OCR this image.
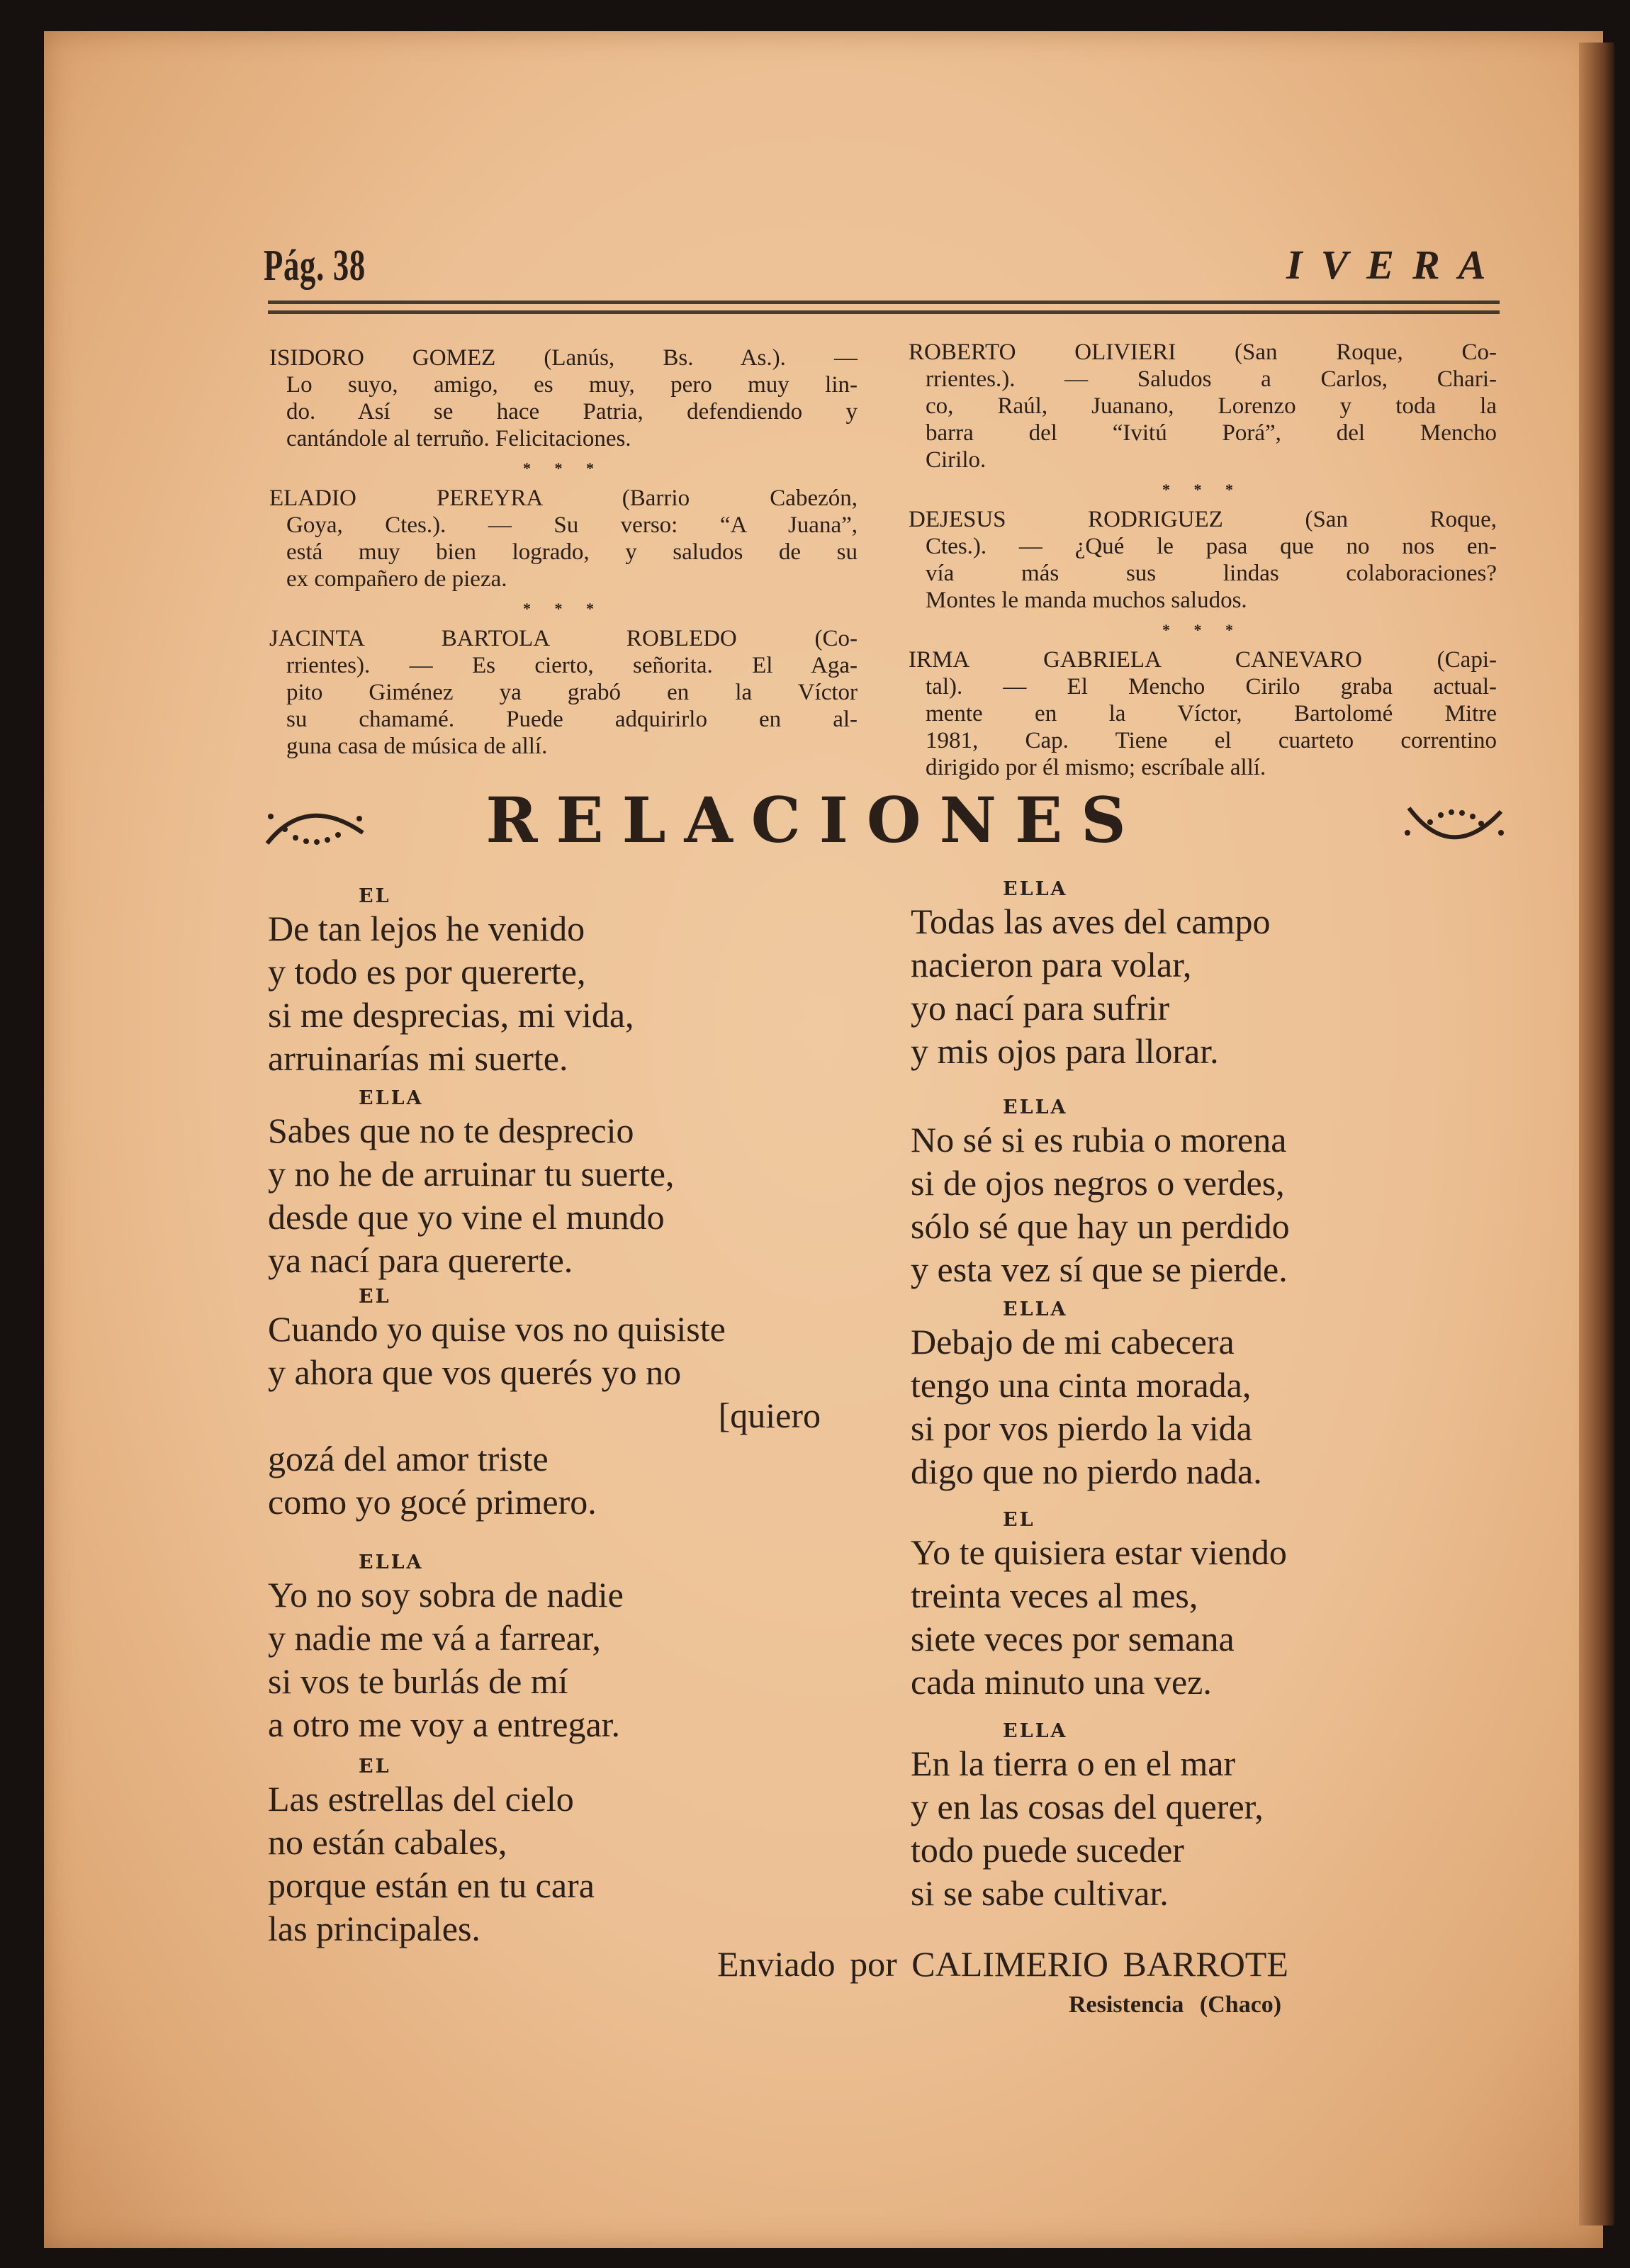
Pág. 38	IVERA
ISIDORO GOMEZ (Lanús, Bs. As.). —
Lo suyo, amigo, es muy, pero muy lin-
do. Así se hace Patria, defendiendo y
cantándole al terruño. Felicitaciones.
* * *
ELADIO PEREYRA (Barrio Cabezón,
Goya, Ctes.). — Su verso: “A Juana”,
está muy bien logrado, y saludos de su
ex compañero de pieza.
* * *
JACINTA BARTOLA ROBLEDO (Co-
rrientes). — Es cierto, señorita. El Aga-
pito Giménez ya grabó en la Víctor
su chamamé. Puede adquirirlo en al-
guna casa de música de allí.
ROBERTO OLIVIERI (San Roque, Co-
rrientes.). — Saludos a Carlos, Chari-
co, Raúl, Juanano, Lorenzo y toda la
barra del “Ivitú Porá”, del Mencho
Cirilo.
* * *
DEJESUS RODRIGUEZ (San Roque,
Ctes.). — ¿Qué le pasa que no nos en-
vía más sus lindas colaboraciones?
Montes le manda muchos saludos.
* * *
IRMA GABRIELA CANEVARO (Capi-
tal). — El Mencho Cirilo graba actual-
mente en la Víctor, Bartolomé Mitre
1981, Cap. Tiene el cuarteto correntino
dirigido por él mismo; escríbale allí.
RELACIONES
EL
De tan lejos he venido
y todo es por quererte,
si me desprecias, mi vida,
arruinarías mi suerte.
ELLA
Sabes que no te desprecio
y no he de arruinar tu suerte,
desde que yo vine el mundo
ya nací para quererte.
EL
Cuando yo quise vos no quisiste
y ahora que vos querés yo no
[quiero
gozá del amor triste
como yo gocé primero.
ELLA
Yo no soy sobra de nadie
y nadie me vá a farrear,
si vos te burlás de mí
a otro me voy a entregar.
EL
Las estrellas del cielo
no están cabales,
porque están en tu cara
las principales.
ELLA
Todas las aves del campo
nacieron para volar,
yo nací para sufrir
y mis ojos para llorar.
ELLA
No sé si es rubia o morena
si de ojos negros o verdes,
sólo sé que hay un perdido
y esta vez sí que se pierde.
ELLA
Debajo de mi cabecera
tengo una cinta morada,
si por vos pierdo la vida
digo que no pierdo nada.
EL
Yo te quisiera estar viendo
treinta veces al mes,
siete veces por semana
cada minuto una vez.
ELLA
En la tierra o en el mar
y en las cosas del querer,
todo puede suceder
si se sabe cultivar.
Enviado por CALIMERIO BARROTE
Resistencia (Chaco)
